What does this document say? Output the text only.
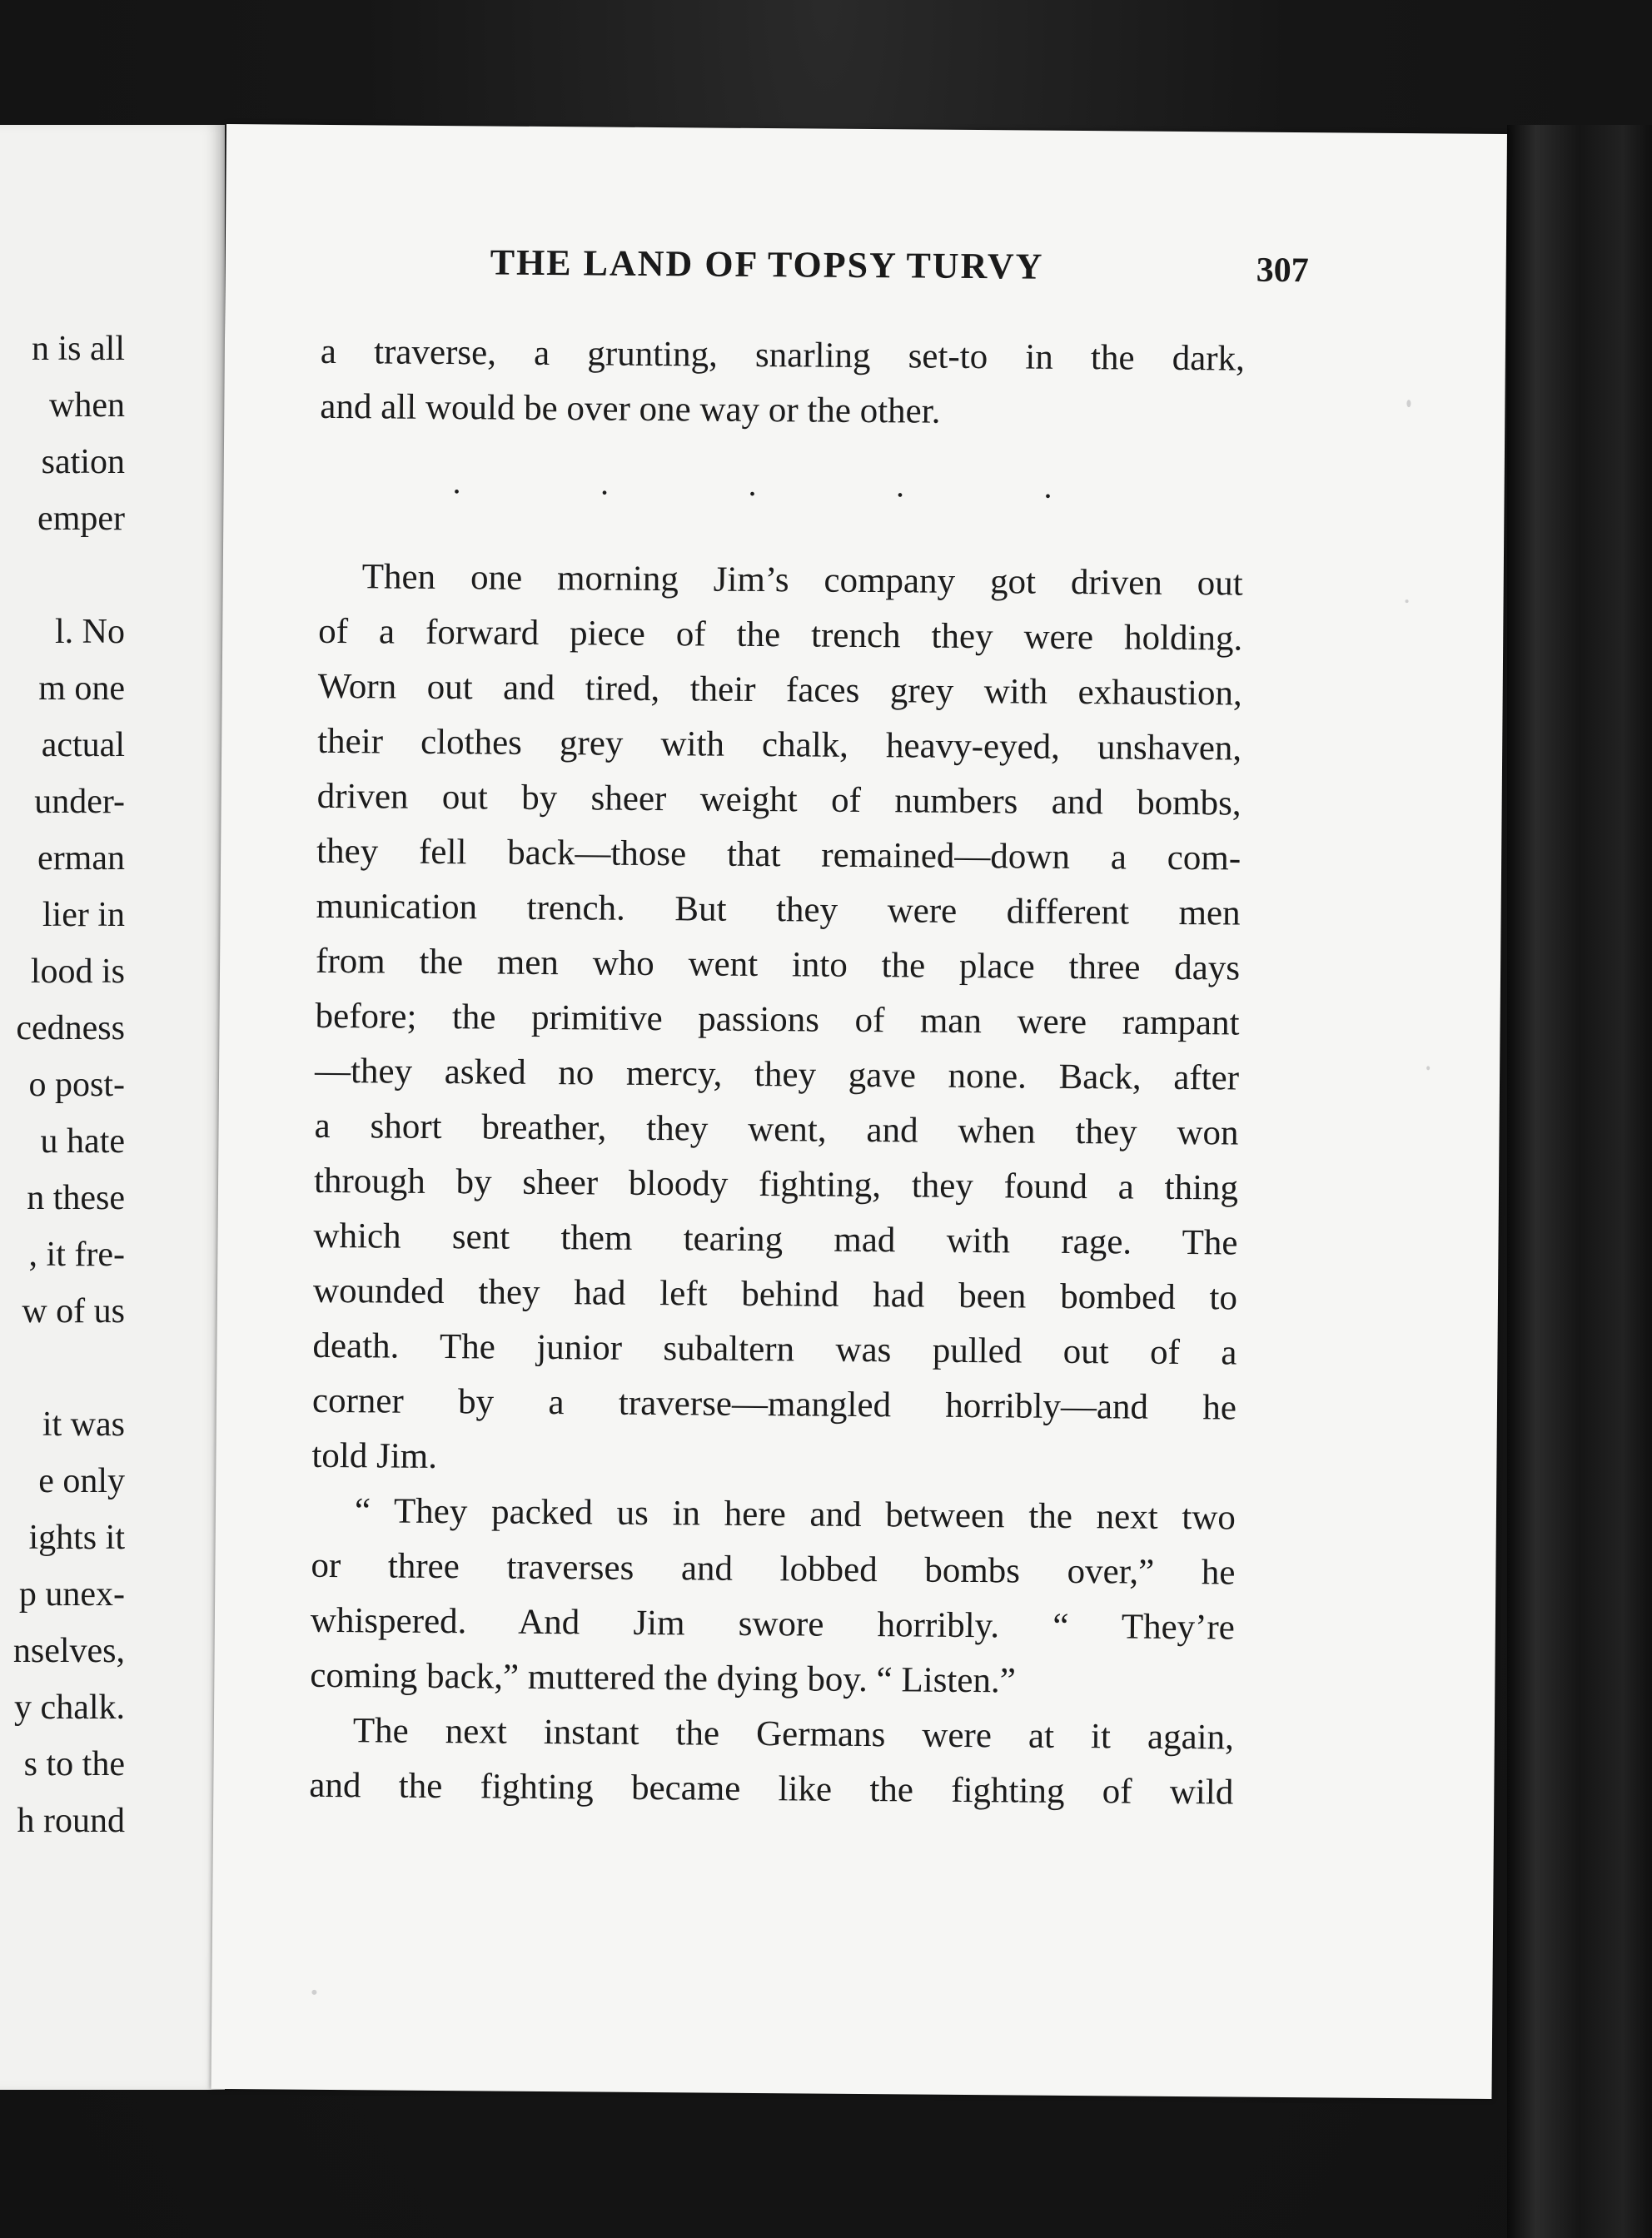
n is all
when
sation
emper
l. No
m one
actual
under-
erman
lier in
lood is
cedness
o post-
u hate
n these
, it fre-
w of us
it was
e only
ights it
p unex-
nselves,
y chalk.
s to the
h round
THE LAND OF TOPSY TURVY	307
a traverse, a grunting, snarling set-to in the dark,
and all would be over one way or the other.
.	.	.	.	.
Then one morning Jim’s company got driven out
of a forward piece of the trench they were holding.
Worn out and tired, their faces grey with exhaustion,
their clothes grey with chalk, heavy-eyed, unshaven,
driven out by sheer weight of numbers and bombs,
they fell back—those that remained—down a com-
munication trench. But they were different men
from the men who went into the place three days
before; the primitive passions of man were rampant
—they asked no mercy, they gave none. Back, after
a short breather, they went, and when they won
through by sheer bloody fighting, they found a thing
which sent them tearing mad with rage. The
wounded they had left behind had been bombed to
death. The junior subaltern was pulled out of a
corner by a traverse—mangled horribly—and he
told Jim.
“ They packed us in here and between the next two
or three traverses and lobbed bombs over,” he
whispered. And Jim swore horribly. “ They’re
coming back,” muttered the dying boy. “ Listen.”
The next instant the Germans were at it again,
and the fighting became like the fighting of wild
